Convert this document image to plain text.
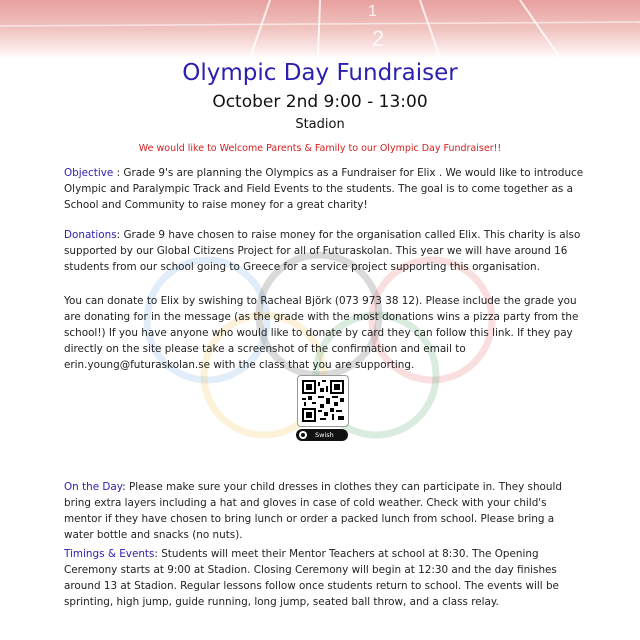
1
2
Olympic Day Fundraiser
October 2nd 9:00 - 13:00
Stadion
We would like to Welcome Parents & Family to our Olympic Day Fundraiser!!

Objective : Grade 9's are planning the Olympics as a Fundraiser for Elix . We would like to introduce Olympic and Paralympic Track and Field Events to the students. The goal is to come together as a School and Community to raise money for a great charity!

Donations: Grade 9 have chosen to raise money for the organisation called Elix. This charity is also supported by our Global Citizens Project for all of Futuraskolan. This year we will have around 16 students from our school going to Greece for a service project supporting this organisation.

You can donate to Elix by swishing to Racheal Björk (073 973 38 12). Please include the grade you are donating for in the message (as the grade with the most donations wins a pizza party from the school!) If you have anyone who would like to donate by card they can follow this link. If they pay directly on the site please take a screenshot of the confirmation and email to erin.young@futuraskolan.se with the class that you are supporting.

Swish

On the Day: Please make sure your child dresses in clothes they can participate in. They should bring extra layers including a hat and gloves in case of cold weather. Check with your child's mentor if they have chosen to bring lunch or order a packed lunch from school. Please bring a water bottle and snacks (no nuts).

Timings & Events: Students will meet their Mentor Teachers at school at 8:30. The Opening Ceremony starts at 9:00 at Stadion. Closing Ceremony will begin at 12:30 and the day finishes around 13 at Stadion. Regular lessons follow once students return to school. The events will be sprinting, high jump, guide running, long jump, seated ball throw, and a class relay.
